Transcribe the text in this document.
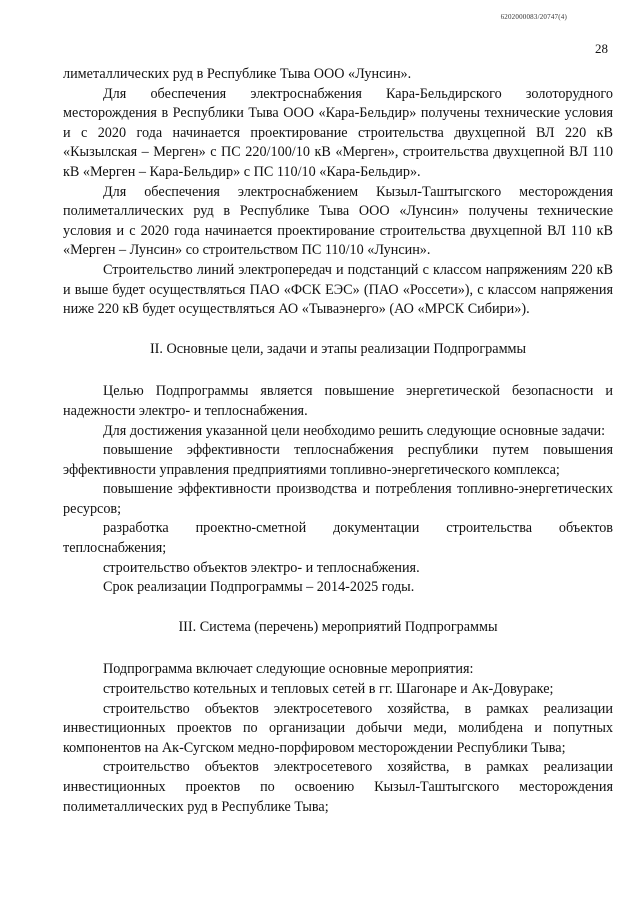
6202000083/20747(4)
28

лиметаллических руд в Республике Тыва ООО «Лунсин».

Для обеспечения электроснабжения Кара-Бельдирского золоторудного месторождения в Республики Тыва ООО «Кара-Бельдир» получены технические условия и с 2020 года начинается проектирование строительства двухцепной ВЛ 220 кВ «Кызылская – Мерген» с ПС 220/100/10 кВ «Мерген», строительства двухцепной ВЛ 110 кВ «Мерген – Кара-Бельдир» с ПС 110/10 «Кара-Бельдир».

Для обеспечения электроснабжением Кызыл-Таштыгского месторождения полиметаллических руд в Республике Тыва ООО «Лунсин» получены технические условия и с 2020 года начинается проектирование строительства двухцепной ВЛ 110 кВ «Мерген – Лунсин» со строительством ПС 110/10 «Лунсин».

Строительство линий электропередач и подстанций с классом напряжениям 220 кВ и выше будет осуществляться ПАО «ФСК ЕЭС» (ПАО «Россети»), с классом напряжения ниже 220 кВ будет осуществляться АО «Тываэнерго» (АО «МРСК Сибири»).

II. Основные цели, задачи и этапы реализации Подпрограммы

Целью Подпрограммы является повышение энергетической безопасности и надежности электро- и теплоснабжения.

Для достижения указанной цели необходимо решить следующие основные задачи:

повышение эффективности теплоснабжения республики путем повышения эффективности управления предприятиями топливно-энергетического комплекса;

повышение эффективности производства и потребления топливно-энергетических ресурсов;

разработка проектно-сметной документации строительства объектов теплоснабжения;

строительство объектов электро- и теплоснабжения.

Срок реализации Подпрограммы – 2014-2025 годы.

III. Система (перечень) мероприятий Подпрограммы

Подпрограмма включает следующие основные мероприятия:

строительство котельных и тепловых сетей в гг. Шагонаре и Ак-Довураке;

строительство объектов электросетевого хозяйства, в рамках реализации инвестиционных проектов по организации добычи меди, молибдена и попутных компонентов на Ак-Сугском медно-порфировом месторождении Республики Тыва;

строительство объектов электросетевого хозяйства, в рамках реализации инвестиционных проектов по освоению Кызыл-Таштыгского месторождения полиметаллических руд в Республике Тыва;
